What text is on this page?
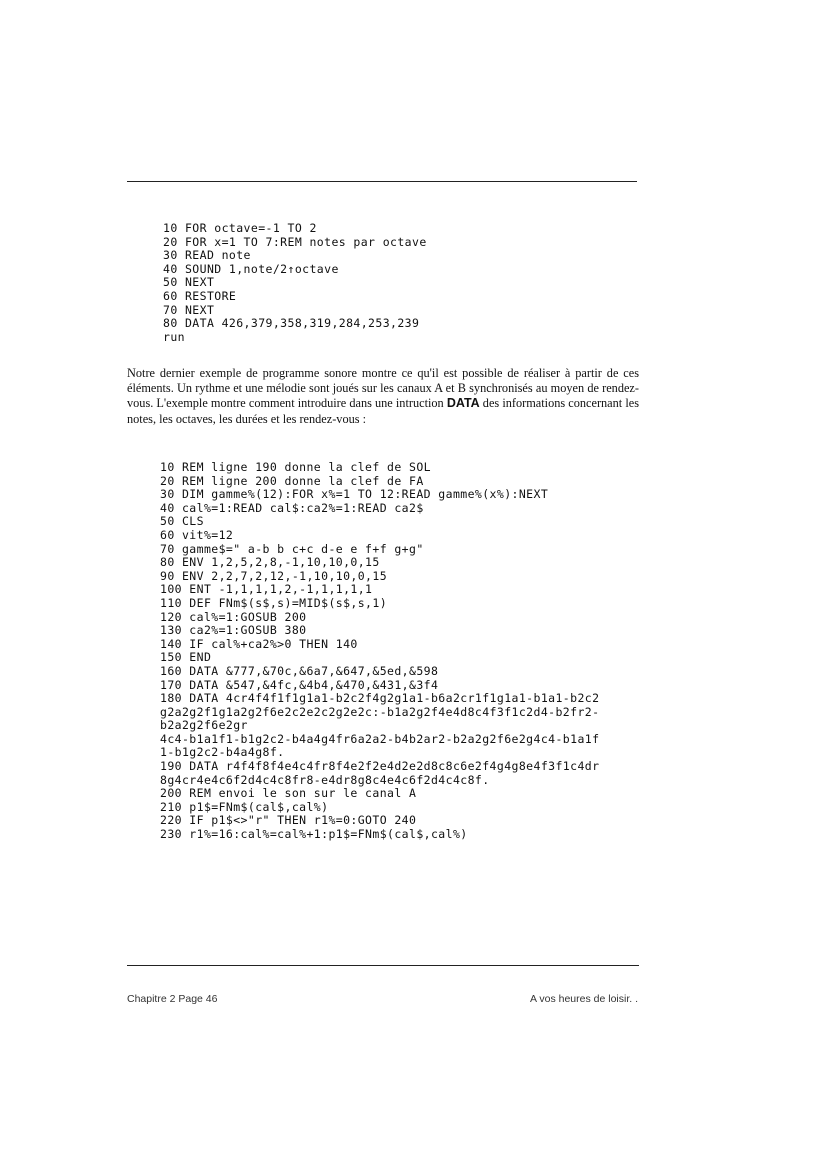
10 FOR octave=-1 TO 2
20 FOR x=1 TO 7:REM notes par octave
30 READ note
40 SOUND 1,note/2↑octave
50 NEXT
60 RESTORE
70 NEXT
80 DATA 426,379,358,319,284,253,239
run
Notre dernier exemple de programme sonore montre ce qu'il est possible de réaliser à partir de ces éléments. Un rythme et une mélodie sont joués sur les canaux A et B synchronisés au moyen de rendez-vous. L'exemple montre comment introduire dans une intruction DATA des informations concernant les notes, les octaves, les durées et les rendez-vous :
10 REM ligne 190 donne la clef de SOL
20 REM ligne 200 donne la clef de FA
30 DIM gamme%(12):FOR x%=1 TO 12:READ gamme%(x%):NEXT
40 cal%=1:READ cal$:ca2%=1:READ ca2$
50 CLS
60 vit%=12
70 gamme$=" a-b b c+c d-e e f+f g+g"
80 ENV 1,2,5,2,8,-1,10,10,0,15
90 ENV 2,2,7,2,12,-1,10,10,0,15
100 ENT -1,1,1,1,2,-1,1,1,1,1
110 DEF FNm$(s$,s)=MID$(s$,s,1)
120 cal%=1:GOSUB 200
130 ca2%=1:GOSUB 380
140 IF cal%+ca2%>0 THEN 140
150 END
160 DATA &777,&70c,&6a7,&647,&5ed,&598
170 DATA &547,&4fc,&4b4,&470,&431,&3f4
180 DATA 4cr4f4f1f1g1a1-b2c2f4g2g1a1-b6a2cr1f1g1a1-b1a1-b2c2
g2a2g2f1g1a2g2f6e2c2e2c2g2e2c:-b1a2g2f4e4d8c4f3f1c2d4-b2fr2-
b2a2g2f6e2gr
4c4-b1a1f1-b1g2c2-b4a4g4fr6a2a2-b4b2ar2-b2a2g2f6e2g4c4-b1a1f
1-b1g2c2-b4a4g8f.
190 DATA r4f4f8f4e4c4fr8f4e2f2e4d2e2d8c8c6e2f4g4g8e4f3f1c4dr
8g4cr4e4c6f2d4c4c8fr8-e4dr8g8c4e4c6f2d4c4c8f.
200 REM envoi le son sur le canal A
210 p1$=FNm$(cal$,cal%)
220 IF p1$<>"r" THEN r1%=0:GOTO 240
230 r1%=16:cal%=cal%+1:p1$=FNm$(cal$,cal%)
Chapitre 2 Page 46	A vos heures de loisir. .
